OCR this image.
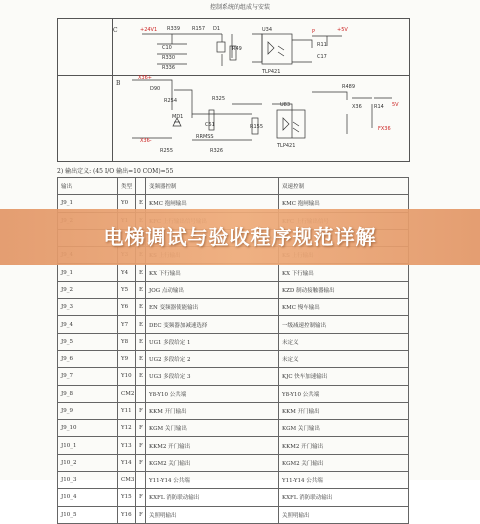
控制系统的组成与安装
C
B
+24V1 R339 R157 D1	U34	P	+5V
C10	R49
R330
R336
TLP421
C17
R11
X36+
D90
R325
R254
U83
R489
R14 5V
X36
MD1
C51	R155
R255	R326
TLP421
X36-
FX36
RRMSS
2) 输出定义: (45 I/O 输出=10 COM)=55
输出	类型		变频器控制	双速控制
J9_1	Y0	E	KMC 抱闸输出	KMC 抱闸输出

J9_1	Y4	E	KX 下行输出	KX 下行输出
J9_2	Y5	E	JOG 点动输出	KZD 制动接触器输出
J9_3	Y6	E	EN 变频器使能输出	KMC 慢车输出
J9_4	Y7	E	DEC 变频器加减速选择	一级减速控制输出
J9_5	Y8	E	UG1 多段给定 1	未定义
J9_6	Y9	E	UG2 多段给定 2	未定义
J9_7	Y10	E	UG3 多段给定 3	KJC 快车加速输出
J9_8	CM2		Y8-Y10 公共端	Y8-Y10 公共端
J9_9	Y11	F	KKM 开门输出	KKM 开门输出
J9_10	Y12	F	KGM 关门输出	KGM 关门输出
J10_1	Y13	F	KKM2 开门输出	KKM2 开门输出
J10_2	Y14	F	KGM2 关门输出	KGM2 关门输出
J10_3	CM3		Y11-Y14 公共端	Y11-Y14 公共端
J10_4	Y15	F	KXFL 消防联动输出	KXFL 消防联动输出
J10_5	Y16	F	关照明输出	关照明输出
电梯调试与验收程序规范详解
